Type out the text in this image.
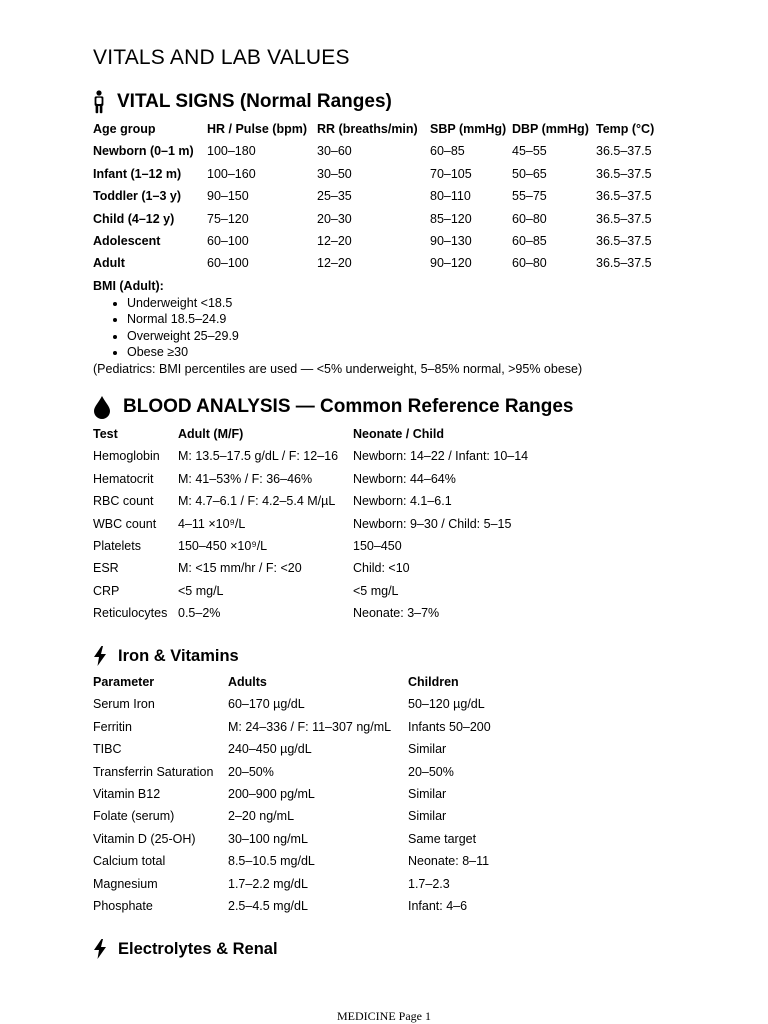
VITALS AND LAB VALUES
VITAL SIGNS (Normal Ranges)
Age group	HR / Pulse (bpm)	RR (breaths/min)	SBP (mmHg)	DBP (mmHg)	Temp (°C)
Newborn (0–1 m)	100–180	30–60	60–85	45–55	36.5–37.5
Infant (1–12 m)	100–160	30–50	70–105	50–65	36.5–37.5
Toddler (1–3 y)	90–150	25–35	80–110	55–75	36.5–37.5
Child (4–12 y)	75–120	20–30	85–120	60–80	36.5–37.5
Adolescent	60–100	12–20	90–130	60–85	36.5–37.5
Adult	60–100	12–20	90–120	60–80	36.5–37.5
BMI (Adult):
• Underweight <18.5
• Normal 18.5–24.9
• Overweight 25–29.9
• Obese ≥30

(Pediatrics: BMI percentiles are used — <5% underweight, 5–85% normal, >95% obese)

BLOOD ANALYSIS — Common Reference Ranges
Test	Adult (M/F)	Neonate / Child
Hemoglobin	M: 13.5–17.5 g/dL / F: 12–16	Newborn: 14–22 / Infant: 10–14
Hematocrit	M: 41–53% / F: 36–46%	Newborn: 44–64%
RBC count	M: 4.7–6.1 / F: 4.2–5.4 M/µL	Newborn: 4.1–6.1
WBC count	4–11 ×10⁹/L	Newborn: 9–30 / Child: 5–15
Platelets	150–450 ×10⁹/L	150–450
ESR	M: <15 mm/hr / F: <20	Child: <10
CRP	<5 mg/L	<5 mg/L
Reticulocytes	0.5–2%	Neonate: 3–7%
Iron & Vitamins
Parameter	Adults	Children
Serum Iron	60–170 µg/dL	50–120 µg/dL
Ferritin	M: 24–336 / F: 11–307 ng/mL	Infants 50–200
TIBC	240–450 µg/dL	Similar
Transferrin Saturation	20–50%	20–50%
Vitamin B12	200–900 pg/mL	Similar
Folate (serum)	2–20 ng/mL	Similar
Vitamin D (25-OH)	30–100 ng/mL	Same target
Calcium total	8.5–10.5 mg/dL	Neonate: 8–11
Magnesium	1.7–2.2 mg/dL	1.7–2.3
Phosphate	2.5–4.5 mg/dL	Infant: 4–6
Electrolytes & Renal
MEDICINE Page 1
